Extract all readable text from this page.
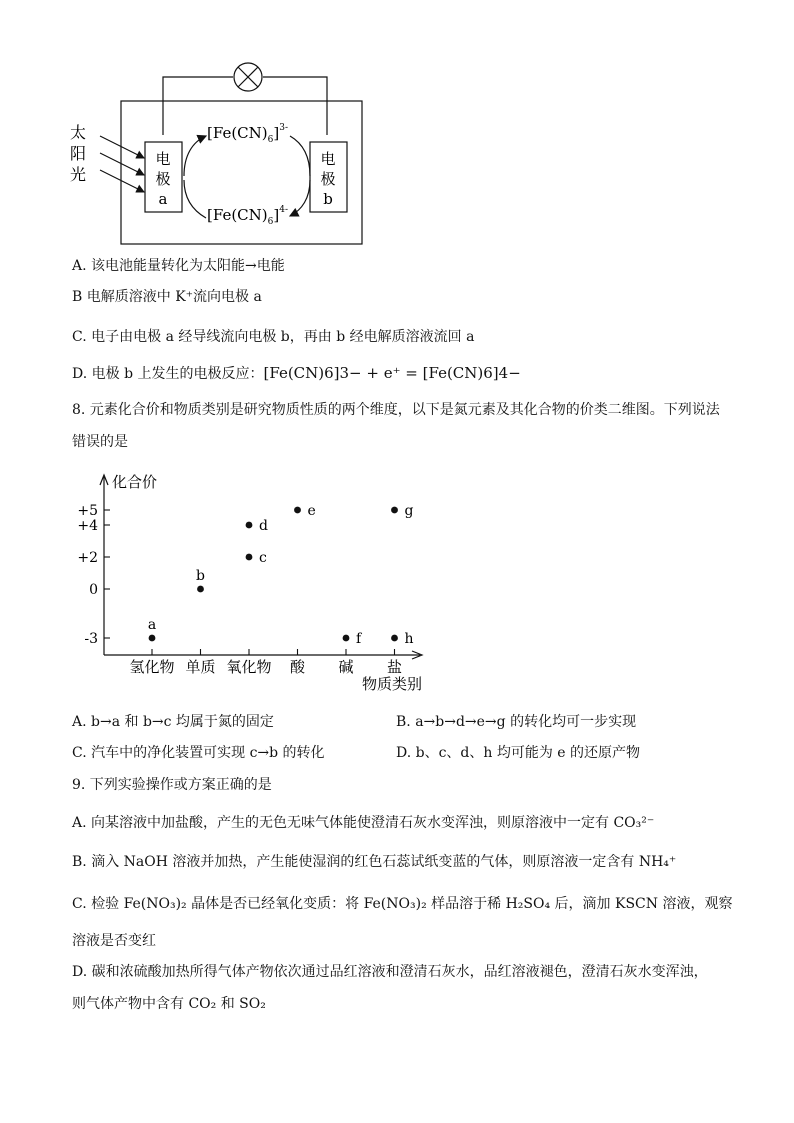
电
极
a
电
极
b
太
阳
光
$[Fe(CN)_6]^{3-}$
$[Fe(CN)_6]^{4-}$
A. 该电池能量转化为太阳能→电能
B 电解质溶液中 K⁺流向电极 a
C. 电子由电极 a 经导线流向电极 b，再由 b 经电解质溶液流回 a
D. 电极 b 上发生的电极反应：[Fe(CN)6]3− + e⁺ = [Fe(CN)6]4−
8. 元素化合价和物质类别是研究物质性质的两个维度，以下是氮元素及其化合物的价类二维图。下列说法
错误的是
化合价
物质类别
+5
+4
+2
0
-3
氢化物 单质 氧化物 酸 碱 盐
a
b
c
d
e
f
g
h
A. b→a 和 b→c 均属于氮的固定	B. a→b→d→e→g 的转化均可一步实现
C. 汽车中的净化装置可实现 c→b 的转化	D. b、c、d、h 均可能为 e 的还原产物
9. 下列实验操作或方案正确的是
A. 向某溶液中加盐酸，产生的无色无味气体能使澄清石灰水变浑浊，则原溶液中一定有 CO₃²⁻
B. 滴入 NaOH 溶液并加热，产生能使湿润的红色石蕊试纸变蓝的气体，则原溶液一定含有 NH₄⁺
C. 检验 Fe(NO₃)₂ 晶体是否已经氧化变质：将 Fe(NO₃)₂ 样品溶于稀 H₂SO₄ 后，滴加 KSCN 溶液，观察
溶液是否变红
D. 碳和浓硫酸加热所得气体产物依次通过品红溶液和澄清石灰水，品红溶液褪色，澄清石灰水变浑浊，
则气体产物中含有 CO₂ 和 SO₂
